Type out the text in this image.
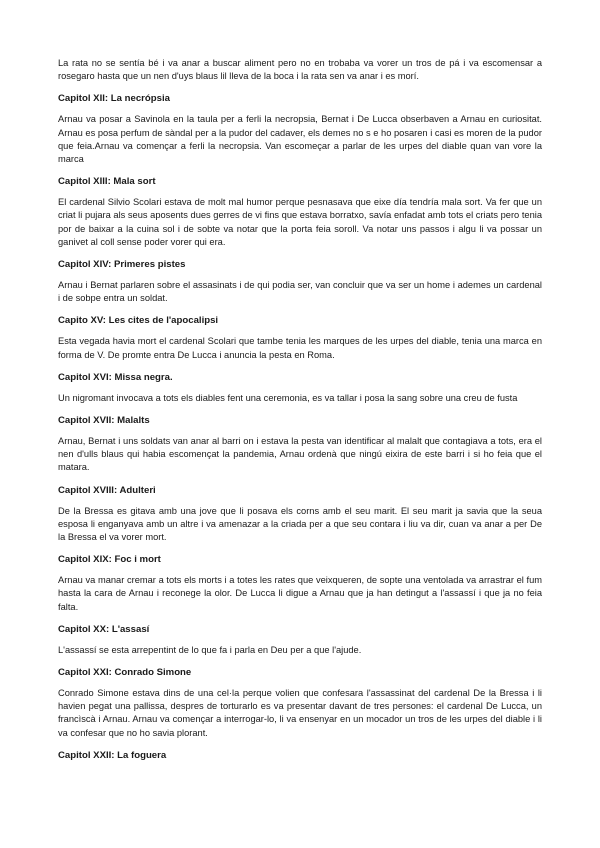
La rata no se sentía bé i va anar a buscar aliment pero no en trobaba va vorer un tros de pá i va escomensar a rosegaro hasta que un nen d'uys blaus lil lleva de la boca i la rata sen va anar i es morí.

Capitol XII: La necrópsia

Arnau va posar a Savinola en la taula per a ferli la necropsia, Bernat i De Lucca obserbaven a Arnau en curiositat. Arnau es posa perfum de sàndal per a la pudor del cadaver, els demes no s e ho posaren i casi es moren de la pudor que feia.Arnau va començar a ferli la necropsia. Van escomeçar a parlar de les urpes del diable quan van vore la marca

Capitol XIII: Mala sort

El cardenal Silvio Scolari estava de molt mal humor perque pesnasava que eixe día tendría mala sort. Va fer que un criat li pujara als seus aposents dues gerres de vi fins que estava borratxo, savía enfadat amb tots el criats pero tenia por de baixar a la cuina sol i de sobte va notar que la porta feia soroll. Va notar uns passos i algu li va possar un ganivet al coll sense poder vorer qui era.

Capitol XIV: Primeres pistes

Arnau i Bernat parlaren sobre el assasinats i de qui podia ser, van concluir que va ser un home i ademes un cardenal i de sobpe entra un soldat.

Capito XV: Les cites de l'apocalipsi

Esta vegada havia mort el cardenal Scolari que tambe tenia les marques de les urpes del diable, tenia una marca en forma de V. De promte entra De Lucca i anuncia la pesta en Roma.

Capitol XVI: Missa negra.

Un nigromant invocava a tots els diables fent una ceremonia, es va tallar i posa la sang sobre una creu de fusta

Capitol XVII: Malalts

Arnau, Bernat i uns soldats van anar al barri on i estava la pesta van identificar al malalt que contagiava a tots, era el nen d'ulls blaus qui habia escomençat la pandemia, Arnau ordenà que ningú eixira de este barri i si ho feia que el matara.

Capitol XVIII: Adulteri

De la Bressa es gitava amb una jove que li posava els corns amb el seu marit. El seu marit ja savia que la seua esposa li enganyava amb un altre i va amenazar a la criada per a que seu contara i liu va dir, cuan va anar a per De la Bressa el va vorer mort.

Capitol XIX: Foc i mort

Arnau va manar cremar a tots els morts i a totes les rates que veixqueren, de sopte una ventolada va arrastrar el fum hasta la cara de Arnau i reconege la olor. De Lucca li digue a Arnau que ja han detingut a l'assassí i que ja no feia falta.

Capitol XX: L'assasí

L'assassí se esta arrepentint de lo que fa i parla en Deu per a que l'ajude.

Capitol XXI: Conrado Simone

Conrado Simone estava dins de una cel·la perque volien que confesara l'assassinat del cardenal De la Bressa i li havien pegat una pallissa, despres de torturarlo es va presentar davant de tres persones: el cardenal De Lucca, un francìscà i Arnau. Arnau va començar a interrogar-lo, li va ensenyar en un mocador un tros de les urpes del diable i li va confesar que no ho savia plorant.

Capitol XXII: La foguera
